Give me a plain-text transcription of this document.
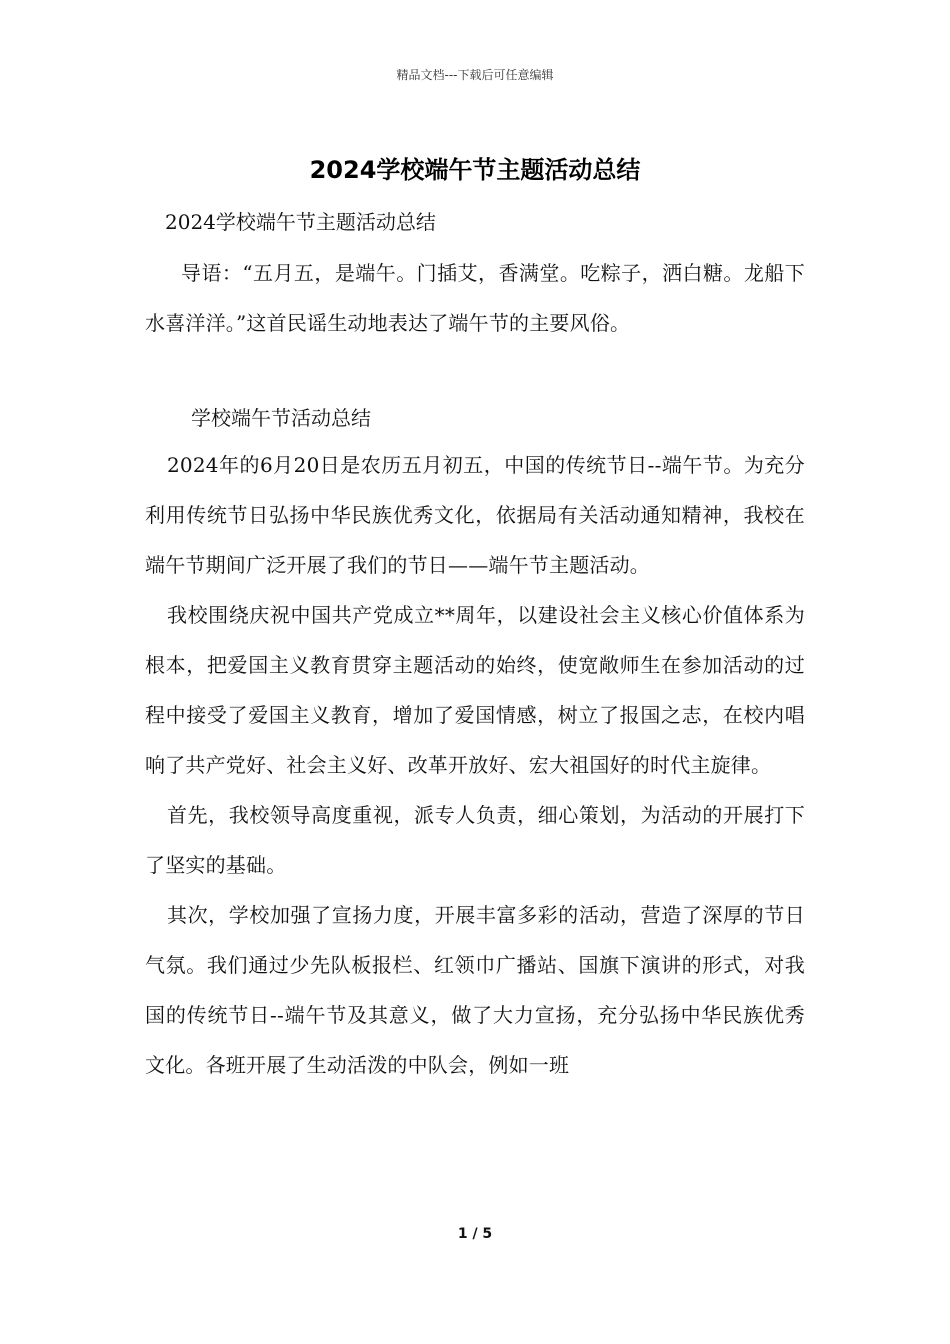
精品文档---下载后可任意编辑
2024学校端午节主题活动总结

2024学校端午节主题活动总结

导语：“五月五，是端午。门插艾，香满堂。吃粽子，洒白糖。龙船下水喜洋洋。”这首民谣生动地表达了端午节的主要风俗。

学校端午节活动总结

2024年的6月20日是农历五月初五，中国的传统节日--端午节。为充分利用传统节日弘扬中华民族优秀文化，依据局有关活动通知精神，我校在端午节期间广泛开展了我们的节日——端午节主题活动。

我校围绕庆祝中国共产党成立**周年，以建设社会主义核心价值体系为根本，把爱国主义教育贯穿主题活动的始终，使宽敞师生在参加活动的过程中接受了爱国主义教育，增加了爱国情感，树立了报国之志，在校内唱响了共产党好、社会主义好、改革开放好、宏大祖国好的时代主旋律。

首先，我校领导高度重视，派专人负责，细心策划，为活动的开展打下了坚实的基础。

其次，学校加强了宣扬力度，开展丰富多彩的活动，营造了深厚的节日气氛。我们通过少先队板报栏、红领巾广播站、国旗下演讲的形式，对我国的传统节日--端午节及其意义，做了大力宣扬，充分弘扬中华民族优秀文化。各班开展了生动活泼的中队会，例如一班

1 / 5
